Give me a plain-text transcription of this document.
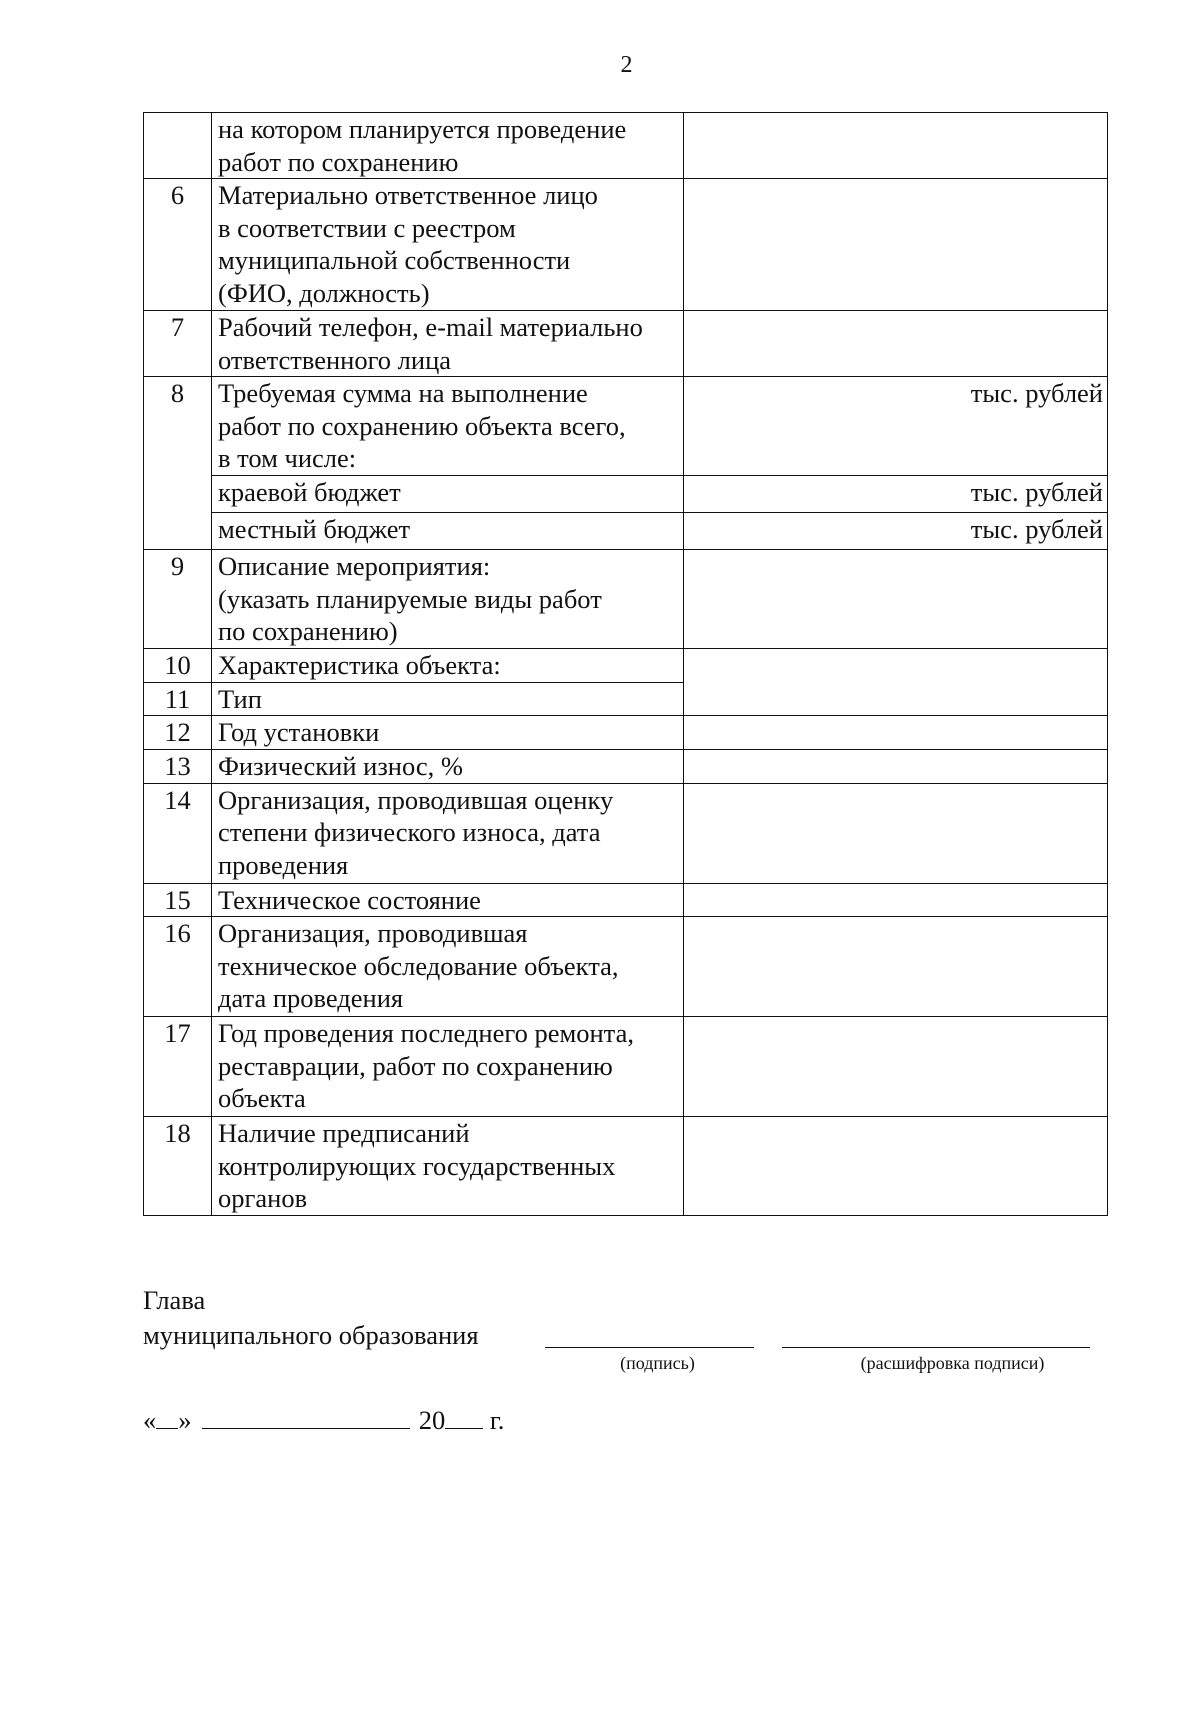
2
	на котором планируется проведение
работ по сохранению	
6	Материально ответственное лицо
в соответствии с реестром
муниципальной собственности
(ФИО, должность)	
7	Рабочий телефон, e-mail материально
ответственного лица	
8	Требуемая сумма на выполнение
работ по сохранению объекта всего,
в том числе:	тыс. рублей
	краевой бюджет	тыс. рублей
	местный бюджет	тыс. рублей
9	Описание мероприятия:
(указать планируемые виды работ
по сохранению)	
10	Характеристика объекта:	
11	Тип	
12	Год установки	
13	Физический износ, %	
14	Организация, проводившая оценку
степени физического износа, дата
проведения	
15	Техническое состояние	
16	Организация, проводившая
техническое обследование объекта,
дата проведения	
17	Год проведения последнего ремонта,
реставрации, работ по сохранению
объекта	
18	Наличие предписаний
контролирующих государственных
органов	
Глава
муниципального образования
(подпись)	(расшифровка подписи)
« »	20 г.
